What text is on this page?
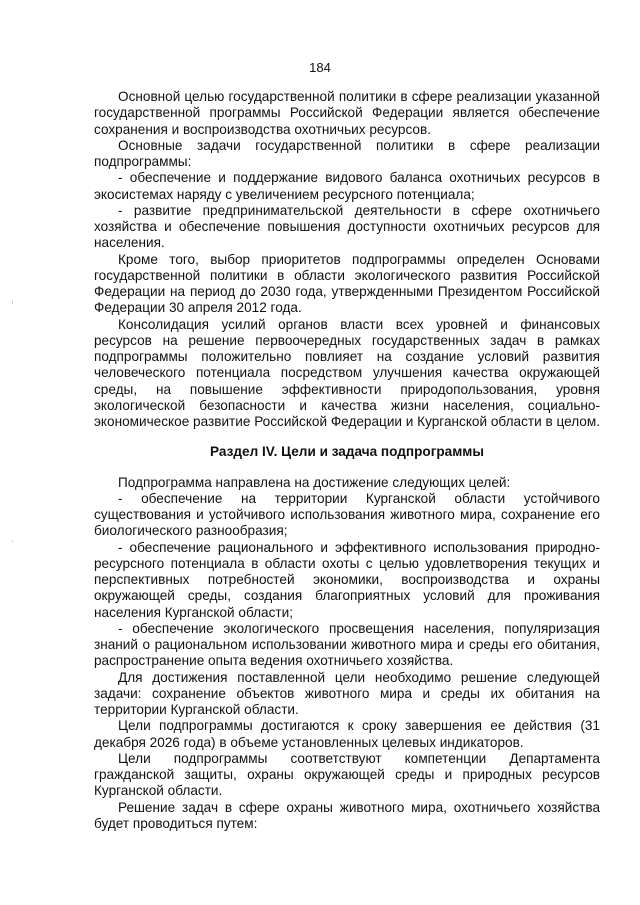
184

Основной целью государственной политики в сфере реализации указанной государственной программы Российской Федерации является обеспечение сохранения и воспроизводства охотничьих ресурсов.

Основные задачи государственной политики в сфере реализации подпрограммы:

- обеспечение и поддержание видового баланса охотничьих ресурсов в экосистемах наряду с увеличением ресурсного потенциала;

- развитие предпринимательской деятельности в сфере охотничьего хозяйства и обеспечение повышения доступности охотничьих ресурсов для населения.

Кроме того, выбор приоритетов подпрограммы определен Основами государственной политики в области экологического развития Российской Федерации на период до 2030 года, утвержденными Президентом Российской Федерации 30 апреля 2012 года.

Консолидация усилий органов власти всех уровней и финансовых ресурсов на решение первоочередных государственных задач в рамках подпрограммы положительно повлияет на создание условий развития человеческого потенциала посредством улучшения качества окружающей среды, на повышение эффективности природопользования, уровня экологической безопасности и качества жизни населения, социально-экономическое развитие Российской Федерации и Курганской области в целом.

Раздел IV. Цели и задача подпрограммы

Подпрограмма направлена на достижение следующих целей:

- обеспечение на территории Курганской области устойчивого существования и устойчивого использования животного мира, сохранение его биологического разнообразия;

- обеспечение рационального и эффективного использования природно-ресурсного потенциала в области охоты с целью удовлетворения текущих и перспективных потребностей экономики, воспроизводства и охраны окружающей среды, создания благоприятных условий для проживания населения Курганской области;

- обеспечение экологического просвещения населения, популяризация знаний о рациональном использовании животного мира и среды его обитания, распространение опыта ведения охотничьего хозяйства.

Для достижения поставленной цели необходимо решение следующей задачи: сохранение объектов животного мира и среды их обитания на территории Курганской области.

Цели подпрограммы достигаются к сроку завершения ее действия (31 декабря 2026 года) в объеме установленных целевых индикаторов.

Цели подпрограммы соответствуют компетенции Департамента гражданской защиты, охраны окружающей среды и природных ресурсов Курганской области.

Решение задач в сфере охраны животного мира, охотничьего хозяйства будет проводиться путем:
